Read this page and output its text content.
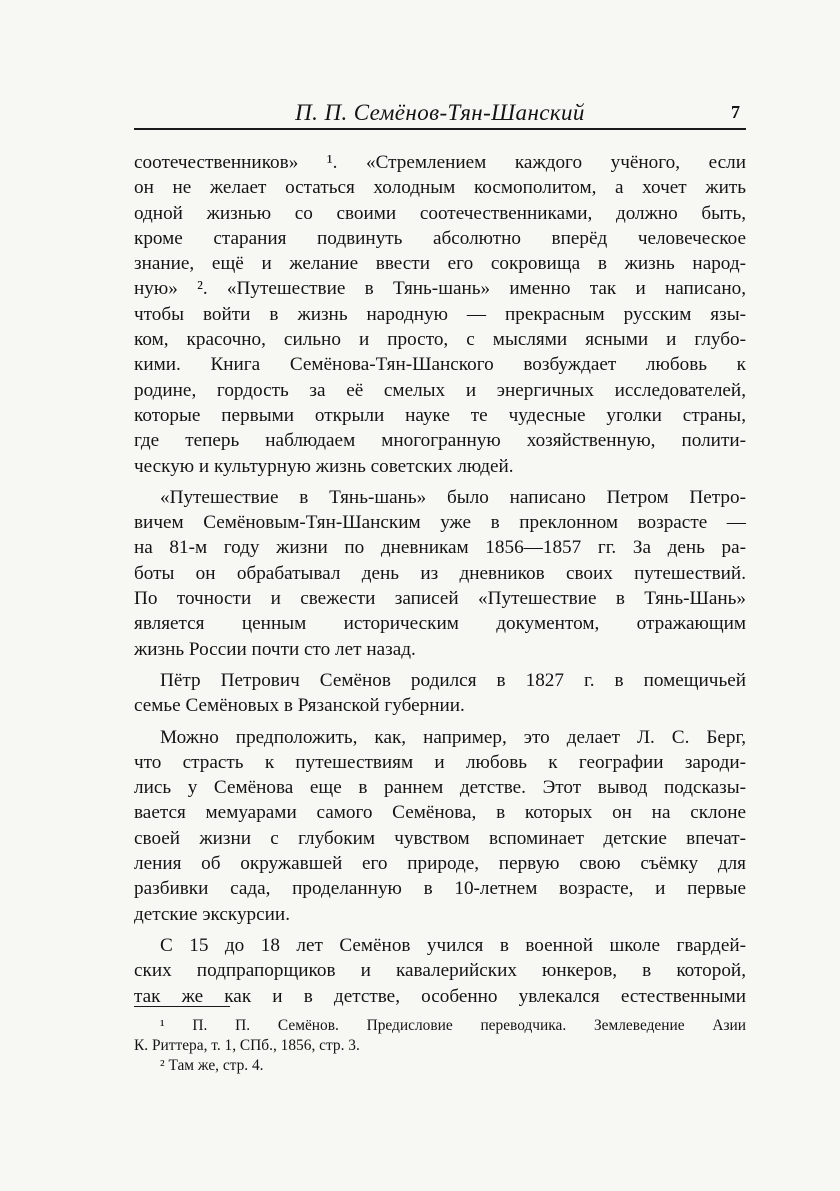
П. П. Семёнов-Тян-Шанский	7
соотечественников» ¹. «Стремлением каждого учёного, если
он не желает остаться холодным космополитом, а хочет жить
одной жизнью со своими соотечественниками, должно быть,
кроме старания подвинуть абсолютно вперёд человеческое
знание, ещё и желание ввести его сокровища в жизнь народ-
ную» ². «Путешествие в Тянь-шань» именно так и написано,
чтобы войти в жизнь народную — прекрасным русским язы-
ком, красочно, сильно и просто, с мыслями ясными и глубо-
кими. Книга Семёнова-Тян-Шанского возбуждает любовь к
родине, гордость за её смелых и энергичных исследователей,
которые первыми открыли науке те чудесные уголки страны,
где теперь наблюдаем многогранную хозяйственную, полити-
ческую и культурную жизнь советских людей.
«Путешествие в Тянь-шань» было написано Петром Петро-
вичем Семёновым-Тян-Шанским уже в преклонном возрасте —
на 81-м году жизни по дневникам 1856—1857 гг. За день ра-
боты он обрабатывал день из дневников своих путешествий.
По точности и свежести записей «Путешествие в Тянь-Шань»
является ценным историческим документом, отражающим
жизнь России почти сто лет назад.
Пётр Петрович Семёнов родился в 1827 г. в помещичьей
семье Семёновых в Рязанской губернии.
Можно предположить, как, например, это делает Л. С. Берг,
что страсть к путешествиям и любовь к географии зароди-
лись у Семёнова еще в раннем детстве. Этот вывод подсказы-
вается мемуарами самого Семёнова, в которых он на склоне
своей жизни с глубоким чувством вспоминает детские впечат-
ления об окружавшей его природе, первую свою съёмку для
разбивки сада, проделанную в 10-летнем возрасте, и первые
детские экскурсии.
С 15 до 18 лет Семёнов учился в военной школе гвардей-
ских подпрапорщиков и кавалерийских юнкеров, в которой,
так же как и в детстве, особенно увлекался естественными
¹ П. П. Семёнов. Предисловие переводчика. Землеведение Азии
К. Риттера, т. 1, СПб., 1856, стр. 3.
² Там же, стр. 4.
